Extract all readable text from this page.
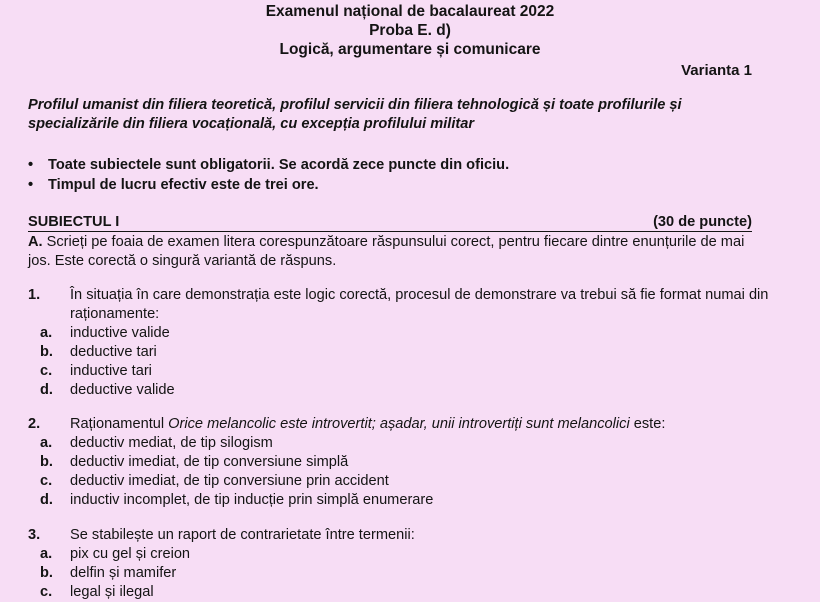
Examenul național de bacalaureat 2022
Proba E. d)
Logică, argumentare și comunicare
Varianta 1
Profilul umanist din filiera teoretică, profilul servicii din filiera tehnologică și toate profilurile și specializările din filiera vocațională, cu excepția profilului militar
•	Toate subiectele sunt obligatorii. Se acordă zece puncte din oficiu.
•	Timpul de lucru efectiv este de trei ore.
SUBIECTUL I	(30 de puncte)
A. Scrieți pe foaia de examen litera corespunzătoare răspunsului corect, pentru fiecare dintre enunțurile de mai jos. Este corectă o singură variantă de răspuns.
1.	În situația în care demonstrația este logic corectă, procesul de demonstrare va trebui să fie format numai din raționamente:
a.	inductive valide
b.	deductive tari
c.	inductive tari
d.	deductive valide
2.	Raționamentul Orice melancolic este introvertit; așadar, unii introvertiți sunt melancolici este:
a.	deductiv mediat, de tip silogism
b.	deductiv imediat, de tip conversiune simplă
c.	deductiv imediat, de tip conversiune prin accident
d.	inductiv incomplet, de tip inducție prin simplă enumerare
3.	Se stabilește un raport de contrarietate între termenii:
a.	pix cu gel și creion
b.	delfin și mamifer
c.	legal și ilegal
